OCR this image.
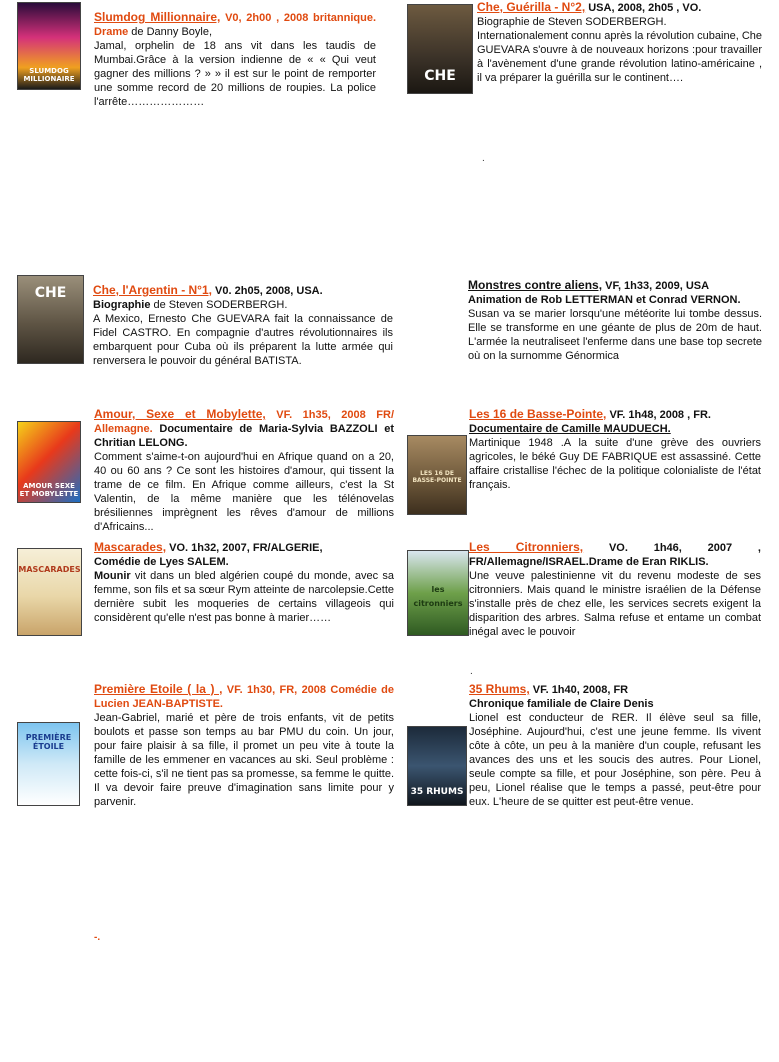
SLUMDOG MILLIONAIRE
Slumdog Millionnaire, V0, 2h00 , 2008 britannique. Drame de Danny Boyle,
Jamal, orphelin de 18 ans vit dans les taudis de Mumbai.Grâce à la version indienne de « « Qui veut gagner des millions ? » » il est sur le point de remporter une somme record de 20 millions de roupies. La police l'arrête…………………
CHE
Che, Guérilla - N°2, USA, 2008, 2h05 , VO.
Biographie de Steven SODERBERGH.
Internationalement connu après la révolution cubaine, Che GUEVARA s'ouvre à de nouveaux horizons :pour travailler à l'avènement d'une grande révolution latino-américaine , il va préparer la guérilla sur le continent….
.
CHE	Che, l'Argentin - N°1, V0. 2h05, 2008, USA.
Biographie de Steven SODERBERGH.
A Mexico, Ernesto Che GUEVARA fait la connaissance de Fidel CASTRO. En compagnie d'autres révolutionnaires ils embarquent pour Cuba où ils préparent la lutte armée qui renversera le pouvoir du général BATISTA.
Monstres contre aliens, VF, 1h33, 2009, USA
Animation de Rob LETTERMAN et Conrad VERNON.
Susan va se marier lorsqu'une météorite lui tombe dessus. Elle se transforme en une géante de plus de 20m de haut. L'armée la neutraliseet l'enferme dans une base top secrete où on la surnomme Génormica
AMOUR SEXE ET MOBYLETTE
Amour, Sexe et Mobylette, VF. 1h35, 2008 FR/ Allemagne. Documentaire de Maria-Sylvia BAZZOLI et Chritian LELONG.
Comment s'aime-t-on aujourd'hui en Afrique quand on a 20, 40 ou 60 ans ? Ce sont les histoires d'amour, qui tissent la trame de ce film. En Afrique comme ailleurs, c'est la St Valentin, de la même manière que les télénovelas brésiliennes imprègnent les rêves d'amour de millions d'Africains...
LES 16 DE BASSE-POINTE
Les 16 de Basse-Pointe, VF. 1h48, 2008 , FR.
Documentaire de Camille MAUDUECH.
Martinique 1948 .A la suite d'une grève des ouvriers agricoles, le béké Guy DE FABRIQUE est assassiné. Cette affaire cristallise l'échec de la politique colonialiste de l'état français.
MASCARADES
Mascarades, VO. 1h32, 2007, FR/ALGERIE,
Comédie de Lyes SALEM.
Mounir vit dans un bled algérien coupé du monde, avec sa femme, son fils et sa sœur Rym atteinte de narcolepsie.Cette dernière subit les moqueries de certains villageois qui considèrent qu'elle n'est pas bonne à marier……
les citronniers
Les Citronniers, VO. 1h46, 2007 , FR/Allemagne/ISRAEL.Drame de Eran RIKLIS.
Une veuve palestinienne vit du revenu modeste de ses citronniers. Mais quand le ministre israélien de la Défense s'installe près de chez elle, les services secrets exigent la disparition des arbres. Salma refuse et entame un combat inégal avec le pouvoir
.
PREMIÈRE ÉTOILE
Première Etoile ( la ) , VF. 1h30, FR, 2008 Comédie de Lucien JEAN-BAPTISTE.
Jean-Gabriel, marié et père de trois enfants, vit de petits boulots et passe son temps au bar PMU du coin. Un jour, pour faire plaisir à sa fille, il promet un peu vite à toute la famille de les emmener en vacances au ski. Seul problème : cette fois-ci, s'il ne tient pas sa promesse, sa femme le quitte. Il va devoir faire preuve d'imagination sans limite pour y parvenir.
35 RHUMS
35 Rhums, VF. 1h40, 2008, FR
Chronique familiale de Claire Denis
Lionel est conducteur de RER. Il élève seul sa fille, Joséphine. Aujourd'hui, c'est une jeune femme. Ils vivent côte à côte, un peu à la manière d'un couple, refusant les avances des uns et les soucis des autres. Pour Lionel, seule compte sa fille, et pour Joséphine, son père. Peu à peu, Lionel réalise que le temps a passé, peut-être pour eux. L'heure de se quitter est peut-être venue.
-.
